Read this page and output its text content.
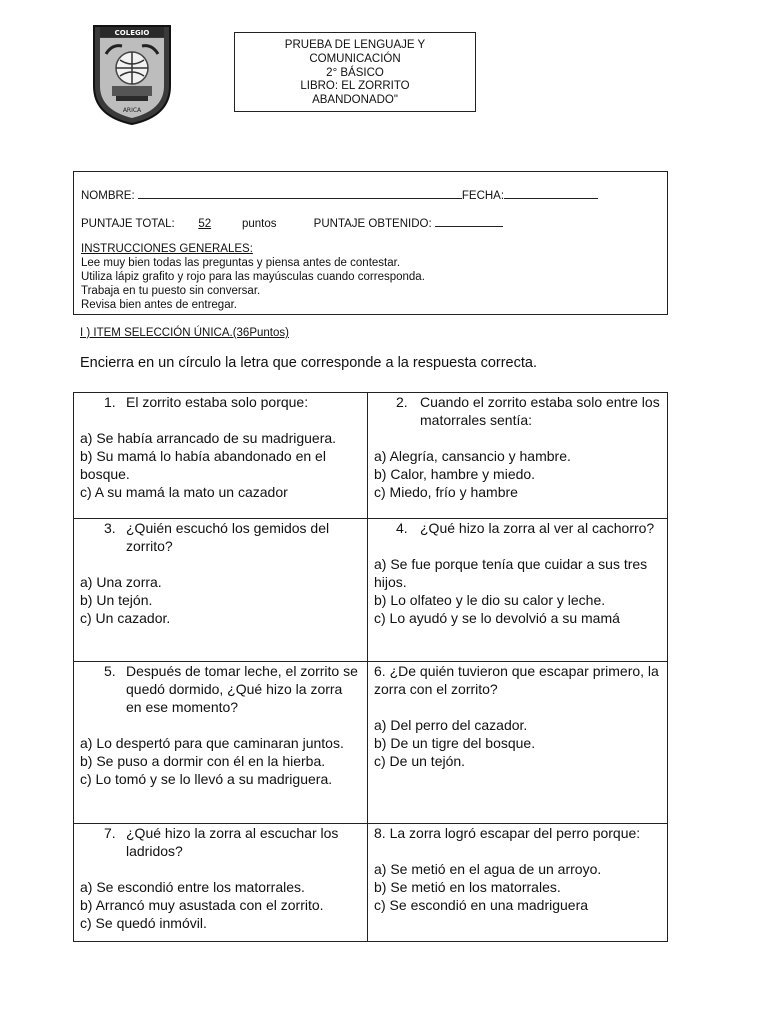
COLEGIO
ARICA
PRUEBA DE LENGUAJE Y
COMUNICACIÓN
2° BÁSICO
LIBRO: EL ZORRITO
ABANDONADO"
NOMBRE:	FECHA:
PUNTAJE TOTAL: 52	puntos	PUNTAJE OBTENIDO:
INSTRUCCIONES GENERALES:
Lee muy bien todas las preguntas y piensa antes de contestar.
Utiliza lápiz grafito y rojo para las mayúsculas cuando corresponda.
Trabaja en tu puesto sin conversar.
Revisa bien antes de entregar.
I ) ITEM SELECCIÓN ÚNICA.(36Puntos)
Encierra en un círculo la letra que corresponde a la respuesta correcta.
1. El zorrito estaba solo porque:
a) Se había arrancado de su madriguera.
b) Su mamá lo había abandonado en el bosque.
c) A su mamá la mato un cazador
2. Cuando el zorrito estaba solo entre los matorrales sentía:
a) Alegría, cansancio y hambre.
b) Calor, hambre y miedo.
c) Miedo, frío y hambre
3. ¿Quién escuchó los gemidos del zorrito?
a) Una zorra.
b) Un tejón.
c) Un cazador.
4. ¿Qué hizo la zorra al ver al cachorro?
a) Se fue porque tenía que cuidar a sus tres hijos.
b) Lo olfateo y le dio su calor y leche.
c) Lo ayudó y se lo devolvió a su mamá
5. Después de tomar leche, el zorrito se quedó dormido, ¿Qué hizo la zorra en ese momento?
a) Lo despertó para que caminaran juntos.
b) Se puso a dormir con él en la hierba.
c) Lo tomó y se lo llevó a su madriguera.
6. ¿De quién tuvieron que escapar primero, la zorra con el zorrito?
a) Del perro del cazador.
b) De un tigre del bosque.
c) De un tejón.
7. ¿Qué hizo la zorra al escuchar los ladridos?
a) Se escondió entre los matorrales.
b) Arrancó muy asustada con el zorrito.
c) Se quedó inmóvil.
8. La zorra logró escapar del perro porque:
a) Se metió en el agua de un arroyo.
b) Se metió en los matorrales.
c) Se escondió en una madriguera
